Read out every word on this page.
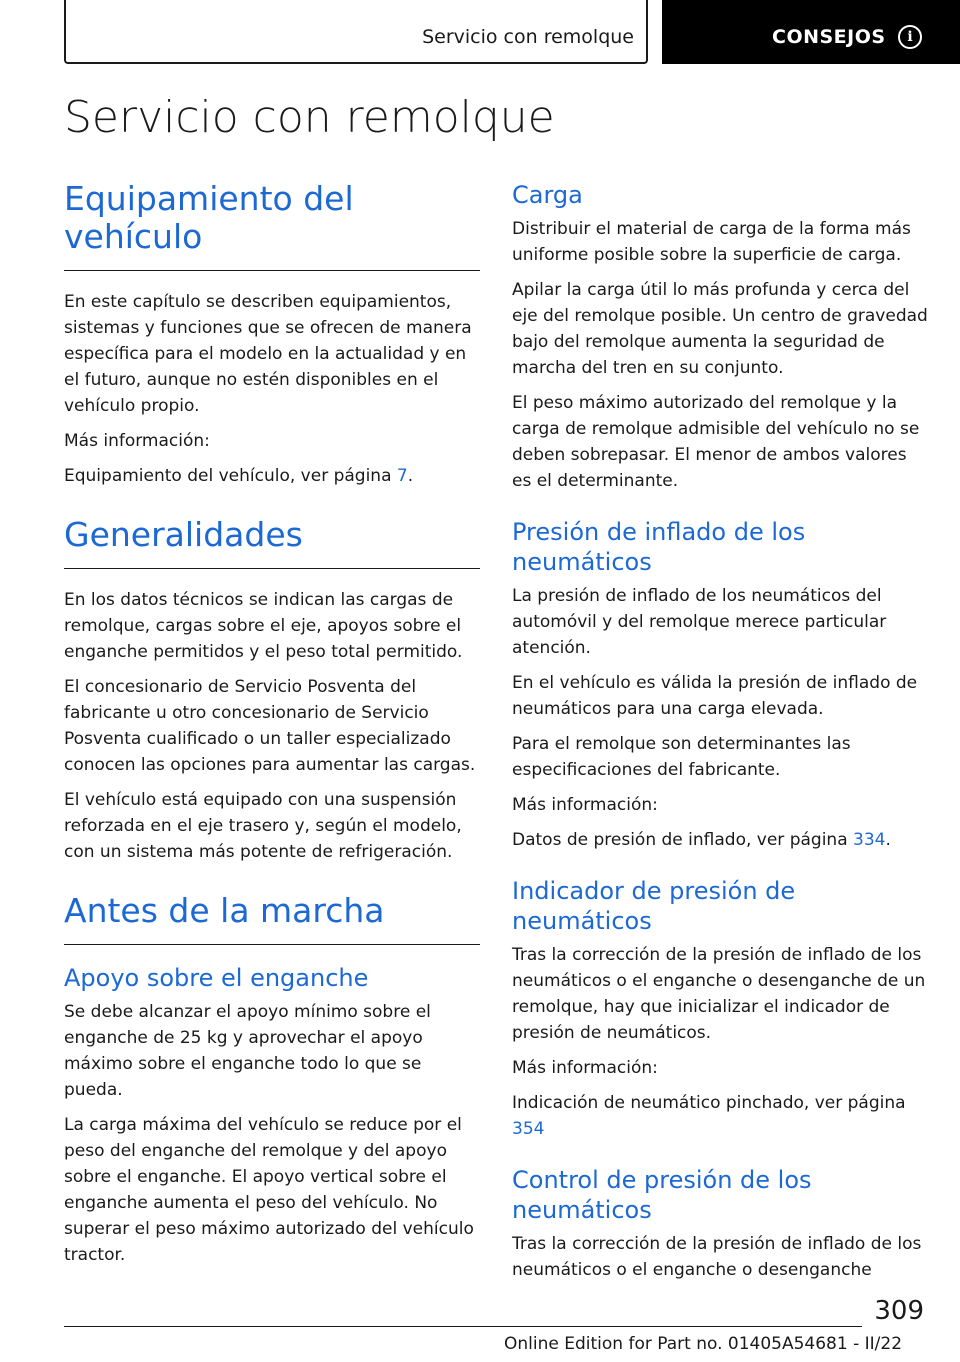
Servicio con remolque	CONSEJOS	i
Servicio con remolque
Equipamiento del vehículo

En este capítulo se describen equipamientos, sistemas y funciones que se ofrecen de manera específica para el modelo en la actualidad y en el futuro, aunque no estén disponibles en el vehículo propio.

Más información:

Equipamiento del vehículo, ver página 7.

Generalidades

En los datos técnicos se indican las cargas de remolque, cargas sobre el eje, apoyos sobre el enganche permitidos y el peso total permitido.

El concesionario de Servicio Posventa del fabricante u otro concesionario de Servicio Posventa cualificado o un taller especializado conocen las opciones para aumentar las cargas.

El vehículo está equipado con una suspensión reforzada en el eje trasero y, según el modelo, con un sistema más potente de refrigeración.

Antes de la marcha
Apoyo sobre el enganche

Se debe alcanzar el apoyo mínimo sobre el enganche de 25 kg y aprovechar el apoyo máximo sobre el enganche todo lo que se pueda.

La carga máxima del vehículo se reduce por el peso del enganche del remolque y del apoyo sobre el enganche. El apoyo vertical sobre el enganche aumenta el peso del vehículo. No superar el peso máximo autorizado del vehículo tractor.

Carga

Distribuir el material de carga de la forma más uniforme posible sobre la superficie de carga.

Apilar la carga útil lo más profunda y cerca del eje del remolque posible. Un centro de gravedad bajo del remolque aumenta la seguridad de marcha del tren en su conjunto.

El peso máximo autorizado del remolque y la carga de remolque admisible del vehículo no se deben sobrepasar. El menor de ambos valores es el determinante.

Presión de inflado de los neumáticos

La presión de inflado de los neumáticos del automóvil y del remolque merece particular atención.

En el vehículo es válida la presión de inflado de neumáticos para una carga elevada.

Para el remolque son determinantes las especificaciones del fabricante.

Más información:

Datos de presión de inflado, ver página 334.

Indicador de presión de neumáticos

Tras la corrección de la presión de inflado de los neumáticos o el enganche o desenganche de un remolque, hay que inicializar el indicador de presión de neumáticos.

Más información:

Indicación de neumático pinchado, ver página 354

Control de presión de los neumáticos

Tras la corrección de la presión de inflado de los neumáticos o el enganche o desenganche

309
Online Edition for Part no. 01405A54681 - II/22
